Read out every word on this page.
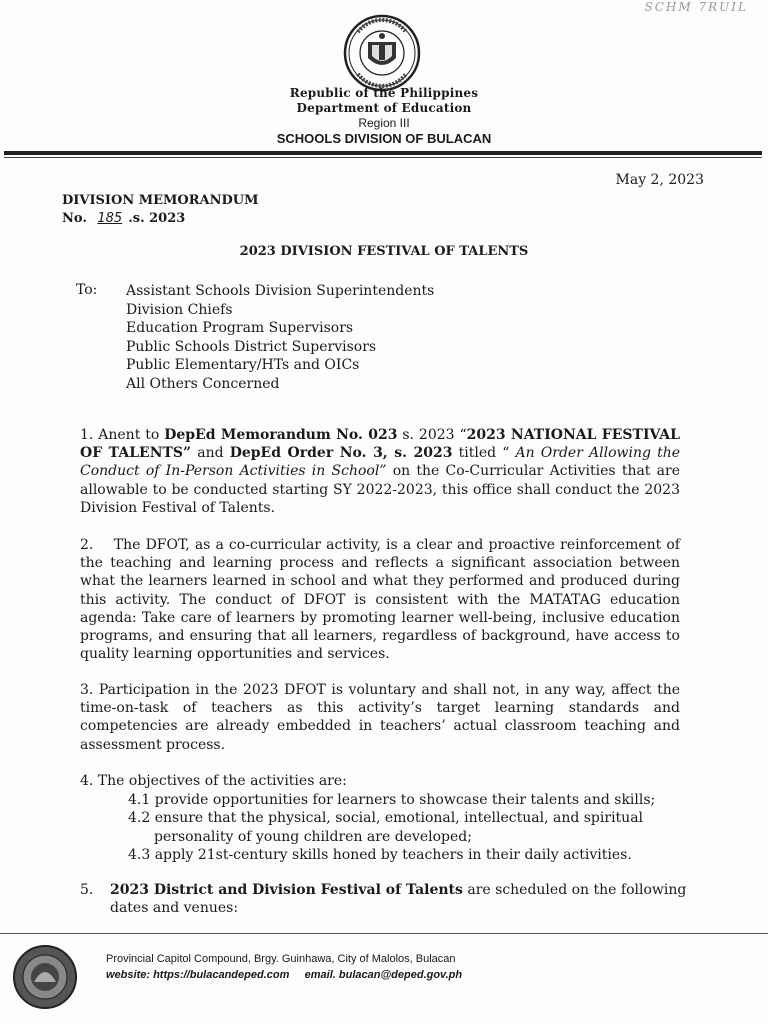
SCHM 7RUIL
Republic of the Philippines
Department of Education
Region III
SCHOOLS DIVISION OF BULACAN
May 2, 2023
DIVISION MEMORANDUM
No. 185 .s. 2023
2023 DIVISION FESTIVAL OF TALENTS
To: Assistant Schools Division Superintendents
Division Chiefs
Education Program Supervisors
Public Schools District Supervisors
Public Elementary/HTs and OICs
All Others Concerned

1. Anent to DepEd Memorandum No. 023 s. 2023 “2023 NATIONAL FESTIVAL OF TALENTS” and DepEd Order No. 3, s. 2023 titled “ An Order Allowing the Conduct of In-Person Activities in School” on the Co-Curricular Activities that are allowable to be conducted starting SY 2022-2023, this office shall conduct the 2023 Division Festival of Talents.

2.    The DFOT, as a co-curricular activity, is a clear and proactive reinforcement of the teaching and learning process and reflects a significant association between what the learners learned in school and what they performed and produced during this activity. The conduct of DFOT is consistent with the MATATAG education agenda: Take care of learners by promoting learner well-being, inclusive education programs, and ensuring that all learners, regardless of background, have access to quality learning opportunities and services.

3. Participation in the 2023 DFOT is voluntary and shall not, in any way, affect the time-on-task of teachers as this activity’s target learning standards and competencies are already embedded in teachers’ actual classroom teaching and assessment process.

4. The objectives of the activities are:
4.1 provide opportunities for learners to showcase their talents and skills;
4.2 ensure that the physical, social, emotional, intellectual, and spiritual
personality of young children are developed;
4.3 apply 21st-century skills honed by teachers in their daily activities.
5. 2023 District and Division Festival of Talents are scheduled on the following
dates and venues:
Provincial Capitol Compound, Brgy. Guinhawa, City of Malolos, Bulacan
website: https://bulacandeped.com email. bulacan@deped.gov.ph
